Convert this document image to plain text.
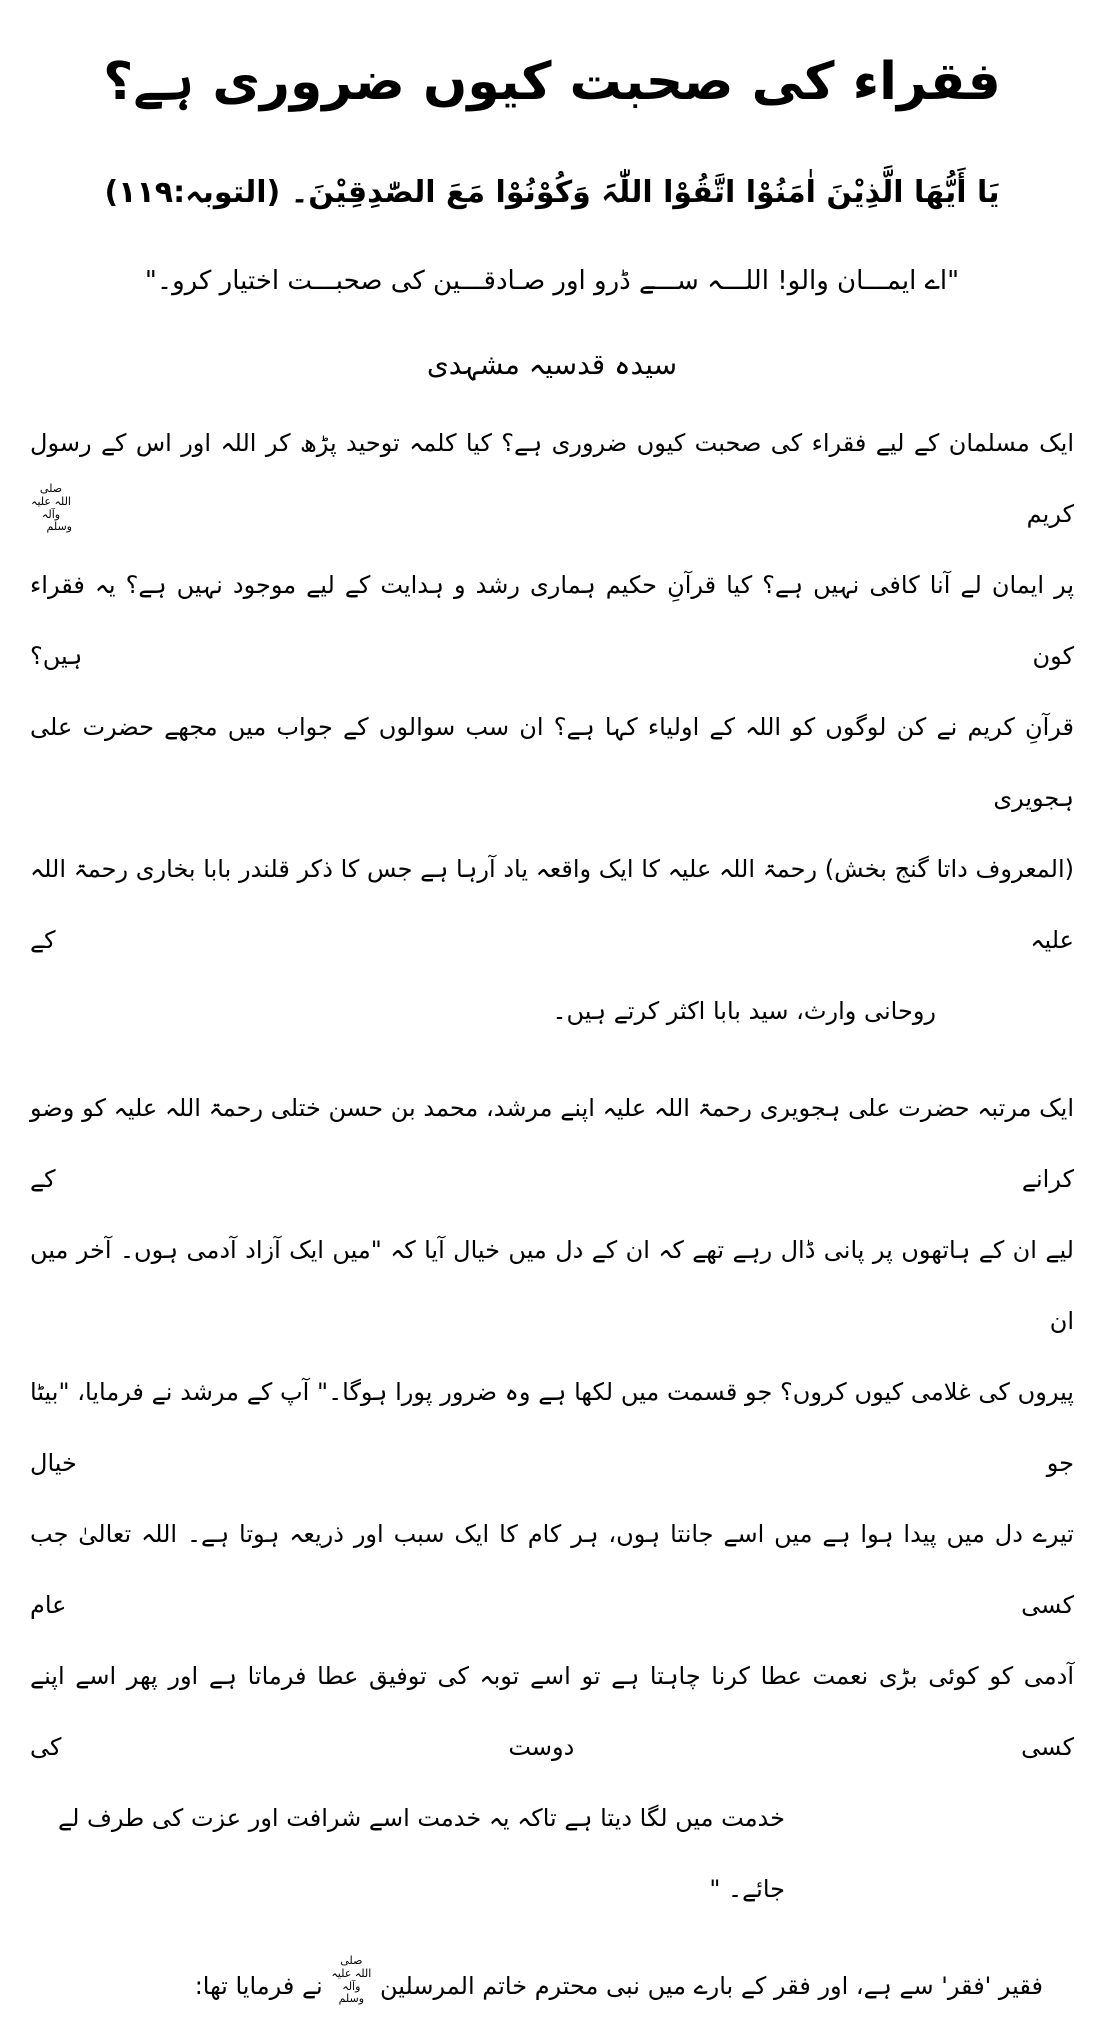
فقراء کی صحبت کیوں ضروری ہے؟
یَا أَیُّھَا الَّذِیْنَ اٰمَنُوْا اتَّقُوْا اللّٰہَ وَکُوْنُوْا مَعَ الصّٰدِقِیْنَ۔ (التوبہ:۱۱۹)
"اے ایمـــان والو! اللـــہ ســـے ڈرو اور صـادقـــین کی صحبـــت اختیار کرو۔"
سیدہ قدسیہ مشہدی
ایک مسلمان کے لیے فقراء کی صحبت کیوں ضروری ہے؟ کیا کلمہ توحید پڑھ کر اللہ اور اس کے رسول کریم صلی اللہ علیہ وآلہ وسلم
پر ایمان لے آنا کافی نہیں ہے؟ کیا قرآنِ حکیم ہماری رشد و ہدایت کے لیے موجود نہیں ہے؟ یہ فقراء کون ہیں؟
قرآنِ کریم نے کن لوگوں کو اللہ کے اولیاء کہا ہے؟ ان سب سوالوں کے جواب میں مجھے حضرت علی ہجویری
(المعروف داتا گنج بخش) رحمۃ اللہ علیہ کا ایک واقعہ یاد آرہا ہے جس کا ذکر قلندر بابا بخاری رحمۃ اللہ علیہ کے
روحانی وارث، سید بابا اکثر کرتے ہیں۔
ایک مرتبہ حضرت علی ہجویری رحمۃ اللہ علیہ اپنے مرشد، محمد بن حسن ختلی رحمۃ اللہ علیہ کو وضو کرانے کے
لیے ان کے ہاتھوں پر پانی ڈال رہے تھے کہ ان کے دل میں خیال آیا کہ "میں ایک آزاد آدمی ہوں۔ آخر میں ان
پیروں کی غلامی کیوں کروں؟ جو قسمت میں لکھا ہے وہ ضرور پورا ہوگا۔" آپ کے مرشد نے فرمایا، "بیٹا جو خیال
تیرے دل میں پیدا ہوا ہے میں اسے جانتا ہوں، ہر کام کا ایک سبب اور ذریعہ ہوتا ہے۔ اللہ تعالیٰ جب کسی عام
آدمی کو کوئی بڑی نعمت عطا کرنا چاہتا ہے تو اسے توبہ کی توفیق عطا فرماتا ہے اور پھر اسے اپنے کسی دوست کی
خدمت میں لگا دیتا ہے تاکہ یہ خدمت اسے شرافت اور عزت کی طرف لے جائے۔ "
فقیر 'فقر' سے ہے، اور فقر کے بارے میں نبی محترم خاتم المرسلین صلی اللہ علیہ وآلہ وسلم نے فرمایا تھا:
